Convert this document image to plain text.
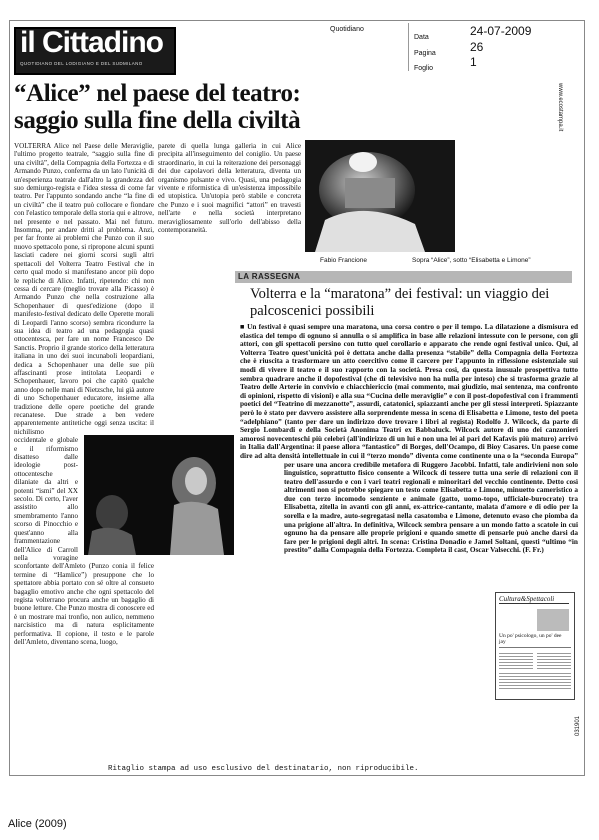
il Cittadino
QUOTIDIANO DEL LODIGIANO E DEL SUDMILANO
Quotidiano
Data	24-07-2009
Pagina	26
Foglio	1
“Alice” nel paese del teatro: saggio sulla fine della civiltà
VOLTERRA Alice nel Paese delle Meraviglie, l'ultimo progetto teatrale, “saggio sulla fine di una civiltà”, della Compagnia della Fortezza e di Armando Punzo, conferma da un lato l'unicità di un'esperienza teatrale dall'altro la grandezza del suo demiurgo-regista e l'idea stessa di come far teatro. Per l'appunto sondando anche “la fine di un civiltà” che il teatro può collocare e fiondare con l'elastico temporale della storia qui e altrove, nel presente e nel passato. Mai nel futuro. Insomma, per andare dritti al problema. Anzi, per far fronte ai problemi che Punzo con il suo nuovo spettacolo pone, si ripropone alcuni spunti lasciati cadere nei giorni scorsi sugli altri spettacoli del Volterra Teatro Festival che in certo qual modo si manifestano ancor più dopo le repliche di Alice. Infatti, ripetendo: chi non cessa di cercare (meglio trovare alla Picasso) è Armando Punzo che nella costruzione alla Schopenhauer di quest'edizione (dopo il manifesto-festival dedicato delle Operette morali di Leopardi l'anno scorso) sembra ricondurre la sua idea di teatro ad una pedagogia quasi ottocentesca, per fare un nome Francesco De Sanctis. Proprio il grande storico della letteratura italiana in uno dei suoi incunaboli leopardiani, dedica a Schopenhauer una delle sue più affascinanti prose intitolata Leopardi e Schopenhauer, lavoro poi che capitò qualche anno dopo nelle mani di Nietzsche, lui già autore di uno Schopenhauer educatore, insieme alla tradizione delle opere poetiche del grande recanatese. Due strade a ben vedere apparentemente antitetiche oggi senza uscita: il nichilismo occidentale e globale e il riformismo disatteso dalle ideologie post-ottocentesche dilaniate da altri e potenti “ismi” del XX secolo. Di certo, l'aver assistito allo smembramento l'anno scorso di Pinocchio e quest'anno alla frammentazione dell'Alice di Carroll nella voragine sconfortante dell'Amleto (Punzo conia il felice termine di “Hamlice”) presuppone che lo spettatore abbia portato con sé oltre al consueto bagaglio emotivo anche che ogni spettacolo del regista volterrano procura anche un bagaglio di buone letture. Che Punzo mostra di conoscere ed è un mostrare mai tronfio, non aulico, nemmeno narcisistico ma di natura esplicitamente performativa. Il copione, il testo e le parole dell'Amleto, diventano scena, luogo,
parete di quella lunga galleria in cui Alice precipita all'inseguimento del coniglio. Un paese straordinario, in cui la reiterazione dei personaggi dei due capolavori della letteratura, diventa un organismo pulsante e vivo. Quasi, una pedagogia vivente e riformistica di un'esistenza impossibile ed utopistica. Un'utopia però stabile e concreta che Punzo e i suoi magnifici “attori” en travesti nell'arte e nella società interpretano meravigliosamente sull'orlo dell'abisso della contemporaneità.
Fabio Francione	Sopra “Alice”, sotto “Elisabetta e Limone”
LA RASSEGNA
Volterra e la “maratona” dei festival: un viaggio dei palcoscenici possibili
■ Un festival è quasi sempre una maratona, una corsa contro o per il tempo. La dilatazione a dismisura ed elastica del tempo di ognuno si annulla o si amplifica in base alle relazioni intessute con le persone, con gli attori, con gli spettacoli persino con tutto quel corollario e apparato che rende ogni festival unico. Qui, al Volterra Teatro quest'unicità poi è dettata anche dalla presenza “stabile” della Compagnia della Fortezza che è riuscita a trasformare un atto coercitivo come il carcere per l'appunto in riflessione esistenziale sui modi di vivere il teatro e il suo rapporto con la società. Presa così, da questa inusuale prospettiva tutto sembra quadrare anche il dopofestival (che di televisivo non ha nulla per inteso) che si trasforma grazie al Teatro delle Arterie in convivio e chiacchiericcio (mai commento, mai giudizio, mai sentenza, ma confronto di opinioni, rispetto di visioni) e alla sua “Cucina delle meraviglie” e con il post-dopofestival con i frammenti poetici del “Teatrino di mezzanotte”, assurdi, catatonici, spiazzanti anche per gli stessi interpreti. Spiazzante però lo è stato per davvero assistere alla sorprendente messa in scena di Elisabetta e Limone, testo del poeta “adelphiano” (tanto per dare un indirizzo dove trovare i libri al regista) Rodolfo J. Wilcock, da parte di Sergio Lombardi e della Società Anonima Teatri ex Babbaluck. Wilcock autore di uno dei canzonieri amorosi novecenteschi più celebri (all'indirizzo di un lui e non una lei al pari del Kafavis più maturo) arrivò in Italia dall'Argentina: il paese allora “fantastico” di Borges, dell'Ocampo, di Bioy Casares. Un paese come dire ad alta densità intellettuale in cui il “terzo mondo” diventa come continente una o la “seconda Europa” per usare una ancora credibile metafora di Ruggero Jacobbi. Infatti, tale andirivieni non solo linguistico, soprattutto fisico consente a Wilcock di tessere tutta una serie di relazioni con il teatro dell'assurdo e con i vari teatri regionali e minoritari del vecchio continente. Detto così altrimenti non si potrebbe spiegare un testo come Elisabetta e Limone, minuetto cameristico a due con terzo incomodo senziente e animale (gatto, uomo-topo, ufficiale-burocrate) tra Elisabetta, zitella in avanti con gli anni, ex-attrice-cantante, malata d'amore e di odio per la sorella e la madre, auto-segregatasi nella casatomba e Limone, detenuto evaso che piomba da una prigione all'altra. In definitiva, Wilcock sembra pensare a un mondo fatto a scatole in cui ognuno ha da pensare alle proprie prigioni e quando smette di pensarle può anche darsi da fare per le prigioni degli altri. In scena: Cristina Donadio e Jamel Soltani, questi “ultimo “in prestito” dalla Compagnia della Fortezza. Completa il cast, Oscar Valsecchi. (F. Fr.)
Cultura&Spettacoli
Un po' psicologo, un po' dee jay
www.ecostampa.it
031901
Ritaglio stampa ad uso esclusivo del destinatario, non riproducibile.
Alice (2009)
